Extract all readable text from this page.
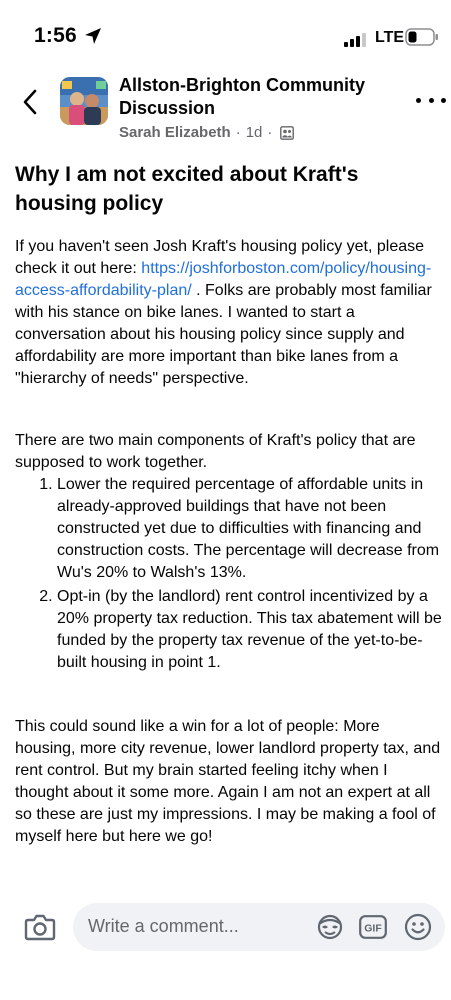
1:56	LTE
Allston-Brighton Community Discussion
Sarah Elizabeth · 1d ·
Why I am not excited about Kraft's housing policy

If you haven't seen Josh Kraft's housing policy yet, please check it out here: https://joshforboston.com/policy/housing-access-affordability-plan/ . Folks are probably most familiar with his stance on bike lanes. I wanted to start a conversation about his housing policy since supply and affordability are more important than bike lanes from a "hierarchy of needs" perspective.

There are two main components of Kraft's policy that are supposed to work together.

1. Lower the required percentage of affordable units in already-approved buildings that have not been constructed yet due to difficulties with financing and construction costs. The percentage will decrease from Wu's 20% to Walsh's 13%.
2. Opt-in (by the landlord) rent control incentivized by a 20% property tax reduction. This tax abatement will be funded by the property tax revenue of the yet-to-be-built housing in point 1.

This could sound like a win for a lot of people: More housing, more city revenue, lower landlord property tax, and rent control. But my brain started feeling itchy when I thought about it some more. Again I am not an expert at all so these are just my impressions. I may be making a fool of myself here but here we go!

Write a comment...	GIF
